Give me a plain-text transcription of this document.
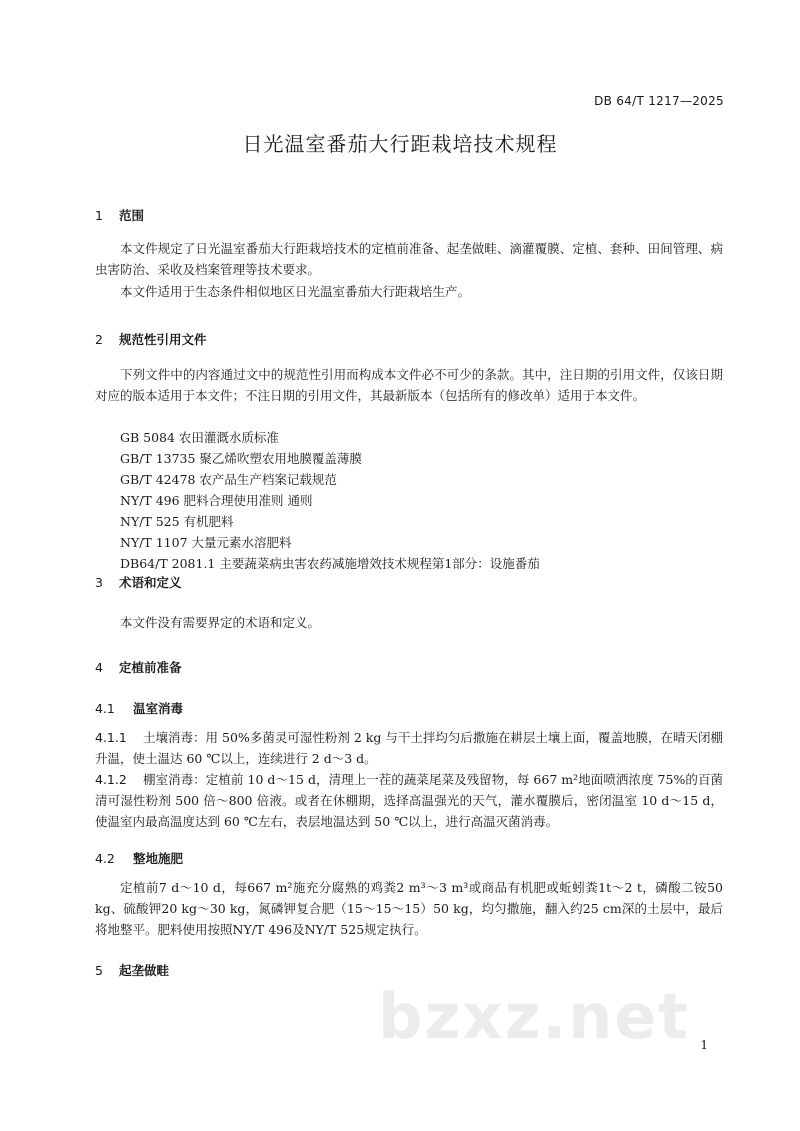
DB 64/T 1217—2025
日光温室番茄大行距栽培技术规程
1 范围
本文件规定了日光温室番茄大行距栽培技术的定植前准备、起垄做畦、滴灌覆膜、定植、套种、田间管理、病虫害防治、采收及档案管理等技术要求。
本文件适用于生态条件相似地区日光温室番茄大行距栽培生产。
2 规范性引用文件
下列文件中的内容通过文中的规范性引用而构成本文件必不可少的条款。其中，注日期的引用文件，仅该日期对应的版本适用于本文件；不注日期的引用文件，其最新版本（包括所有的修改单）适用于本文件。
GB 5084 农田灌溉水质标准
GB/T 13735 聚乙烯吹塑农用地膜覆盖薄膜
GB/T 42478 农产品生产档案记载规范
NY/T 496 肥料合理使用准则 通则
NY/T 525 有机肥料
NY/T 1107 大量元素水溶肥料
DB64/T 2081.1 主要蔬菜病虫害农药减施增效技术规程第1部分：设施番茄
3 术语和定义
本文件没有需要界定的术语和定义。
4 定植前准备
4.1 温室消毒
4.1.1 土壤消毒：用 50%多菌灵可湿性粉剂 2 kg 与干土拌均匀后撒施在耕层土壤上面，覆盖地膜，在晴天闭棚升温，使土温达 60 ℃以上，连续进行 2 d～3 d。
4.1.2 棚室消毒：定植前 10 d～15 d，清理上一茬的蔬菜尾菜及残留物，每 667 m²地面喷洒浓度 75%的百菌清可湿性粉剂 500 倍～800 倍液。或者在休棚期，选择高温强光的天气，灌水覆膜后，密闭温室 10 d～15 d，使温室内最高温度达到 60 ℃左右，表层地温达到 50 ℃以上，进行高温灭菌消毒。
4.2 整地施肥
定植前7 d～10 d，每667 m²施充分腐熟的鸡粪2 m³～3 m³或商品有机肥或蚯蚓粪1t～2 t，磷酸二铵50 kg、硫酸钾20 kg～30 kg，氮磷钾复合肥（15～15～15）50 kg，均匀撒施，翻入约25 cm深的土层中，最后将地整平。肥料使用按照NY/T 496及NY/T 525规定执行。
5 起垄做畦
bzxz.net 1
